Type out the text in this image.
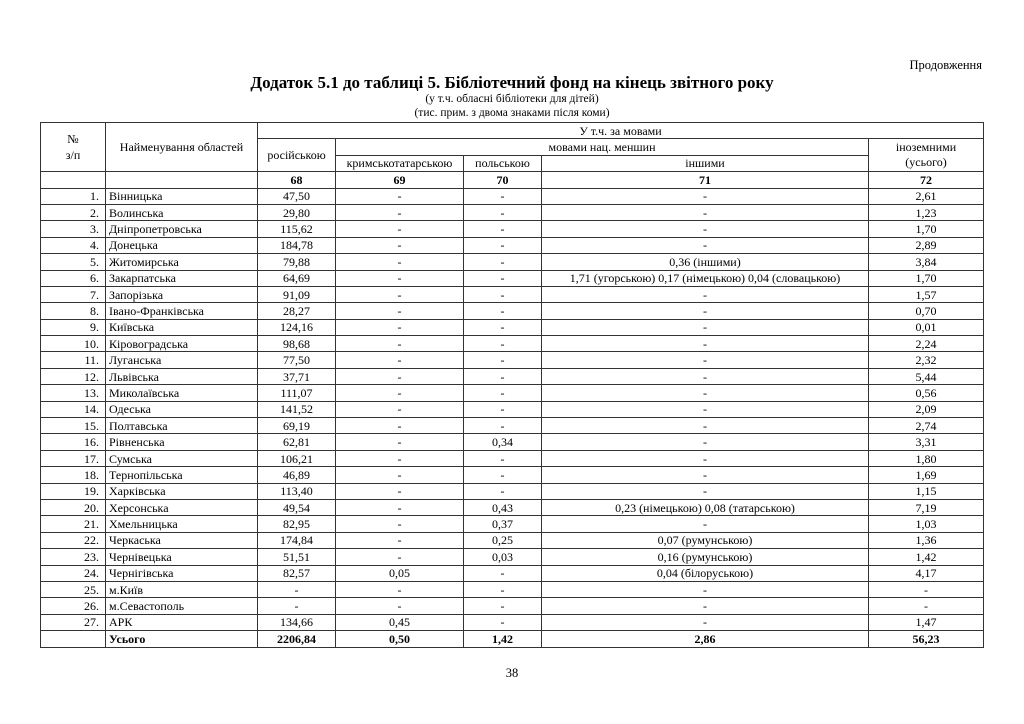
Продовження
Додаток 5.1 до таблиці 5. Бібліотечний фонд на кінець звітного року
(у т.ч. обласні бібліотеки для дітей)
(тис. прим. з двома знаками після коми)
№
з/п	Найменування областей	У т.ч. за мовами				
		російською	мовами нац. меншин			іноземними
(усього)
			кримськотатарською	польською	іншими	
		68	69	70	71	72
1.	Вінницька	47,50	-	-	-	2,61
2.	Волинська	29,80	-	-	-	1,23
3.	Дніпропетровська	115,62	-	-	-	1,70
4.	Донецька	184,78	-	-	-	2,89
5.	Житомирська	79,88	-	-	0,36 (іншими)	3,84
6.	Закарпатська	64,69	-	-	1,71 (угорською) 0,17 (німецькою) 0,04 (словацькою)	1,70
7.	Запорізька	91,09	-	-	-	1,57
8.	Івано-Франківська	28,27	-	-	-	0,70
9.	Київська	124,16	-	-	-	0,01
10.	Кіровоградська	98,68	-	-	-	2,24
11.	Луганська	77,50	-	-	-	2,32
12.	Львівська	37,71	-	-	-	5,44
13.	Миколаївська	111,07	-	-	-	0,56
14.	Одеська	141,52	-	-	-	2,09
15.	Полтавська	69,19	-	-	-	2,74
16.	Рівненська	62,81	-	0,34	-	3,31
17.	Сумська	106,21	-	-	-	1,80
18.	Тернопільська	46,89	-	-	-	1,69
19.	Харківська	113,40	-	-	-	1,15
20.	Херсонська	49,54	-	0,43	0,23 (німецькою) 0,08 (татарською)	7,19
21.	Хмельницька	82,95	-	0,37	-	1,03
22.	Черкаська	174,84	-	0,25	0,07 (румунською)	1,36
23.	Чернівецька	51,51	-	0,03	0,16 (румунською)	1,42
24.	Чернігівська	82,57	0,05	-	0,04 (білоруською)	4,17
25.	м.Київ	-	-	-	-	-
26.	м.Севастополь	-	-	-	-	-
27.	АРК	134,66	0,45	-	-	1,47
	Усього	2206,84	0,50	1,42	2,86	56,23
38
